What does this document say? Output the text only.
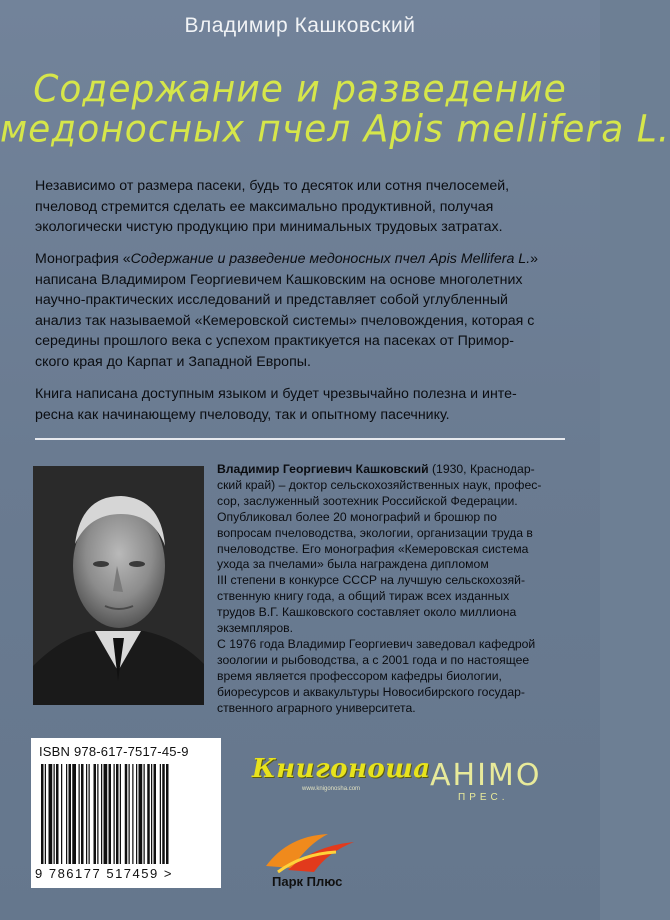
Владимир Кашковский
Содержание и разведение
медоносных пчел Apis mellifera L.
Независимо от размера пасеки, будь то десяток или сотня пчелосемей,
пчеловод стремится сделать ее максимально продуктивной, получая
экологически чистую продукцию при минимальных трудовых затратах.
Монография «Содержание и разведение медоносных пчел Apis Mellifera L.»
написана Владимиром Георгиевичем Кашковским на основе многолетних
научно-практических исследований и представляет собой углубленный
анализ так называемой «Кемеровской системы» пчеловождения, которая с
середины прошлого века с успехом практикуется на пасеках от Примор-
ского края до Карпат и Западной Европы.
Книга написана доступным языком и будет чрезвычайно полезна и инте-
ресна как начинающему пчеловоду, так и опытному пасечнику.
Владимир Георгиевич Кашковский (1930, Краснодар-
ский край) – доктор сельскохозяйственных наук, профес-
сор, заслуженный зоотехник Российской Федерации.
Опубликовал более 20 монографий и брошюр по
вопросам пчеловодства, экологии, организации труда в
пчеловодстве. Его монография «Кемеровская система
ухода за пчелами» была награждена дипломом
III степени в конкурсе СССР на лучшую сельскохозяй-
ственную книгу года, а общий тираж всех изданных
трудов В.Г. Кашковского составляет около миллиона
экземпляров.
С 1976 года Владимир Георгиевич заведовал кафедрой
зоологии и рыбоводства, а с 2001 года и по настоящее
время является профессором кафедры биологии,
биоресурсов и аквакультуры Новосибирского государ-
ственного аграрного университета.
ISBN 978-617-7517-45-9
9 786177 517459 >
Книгоноша
www.knigonosha.com АНІМО
ПРЕС.
Парк Плюс
